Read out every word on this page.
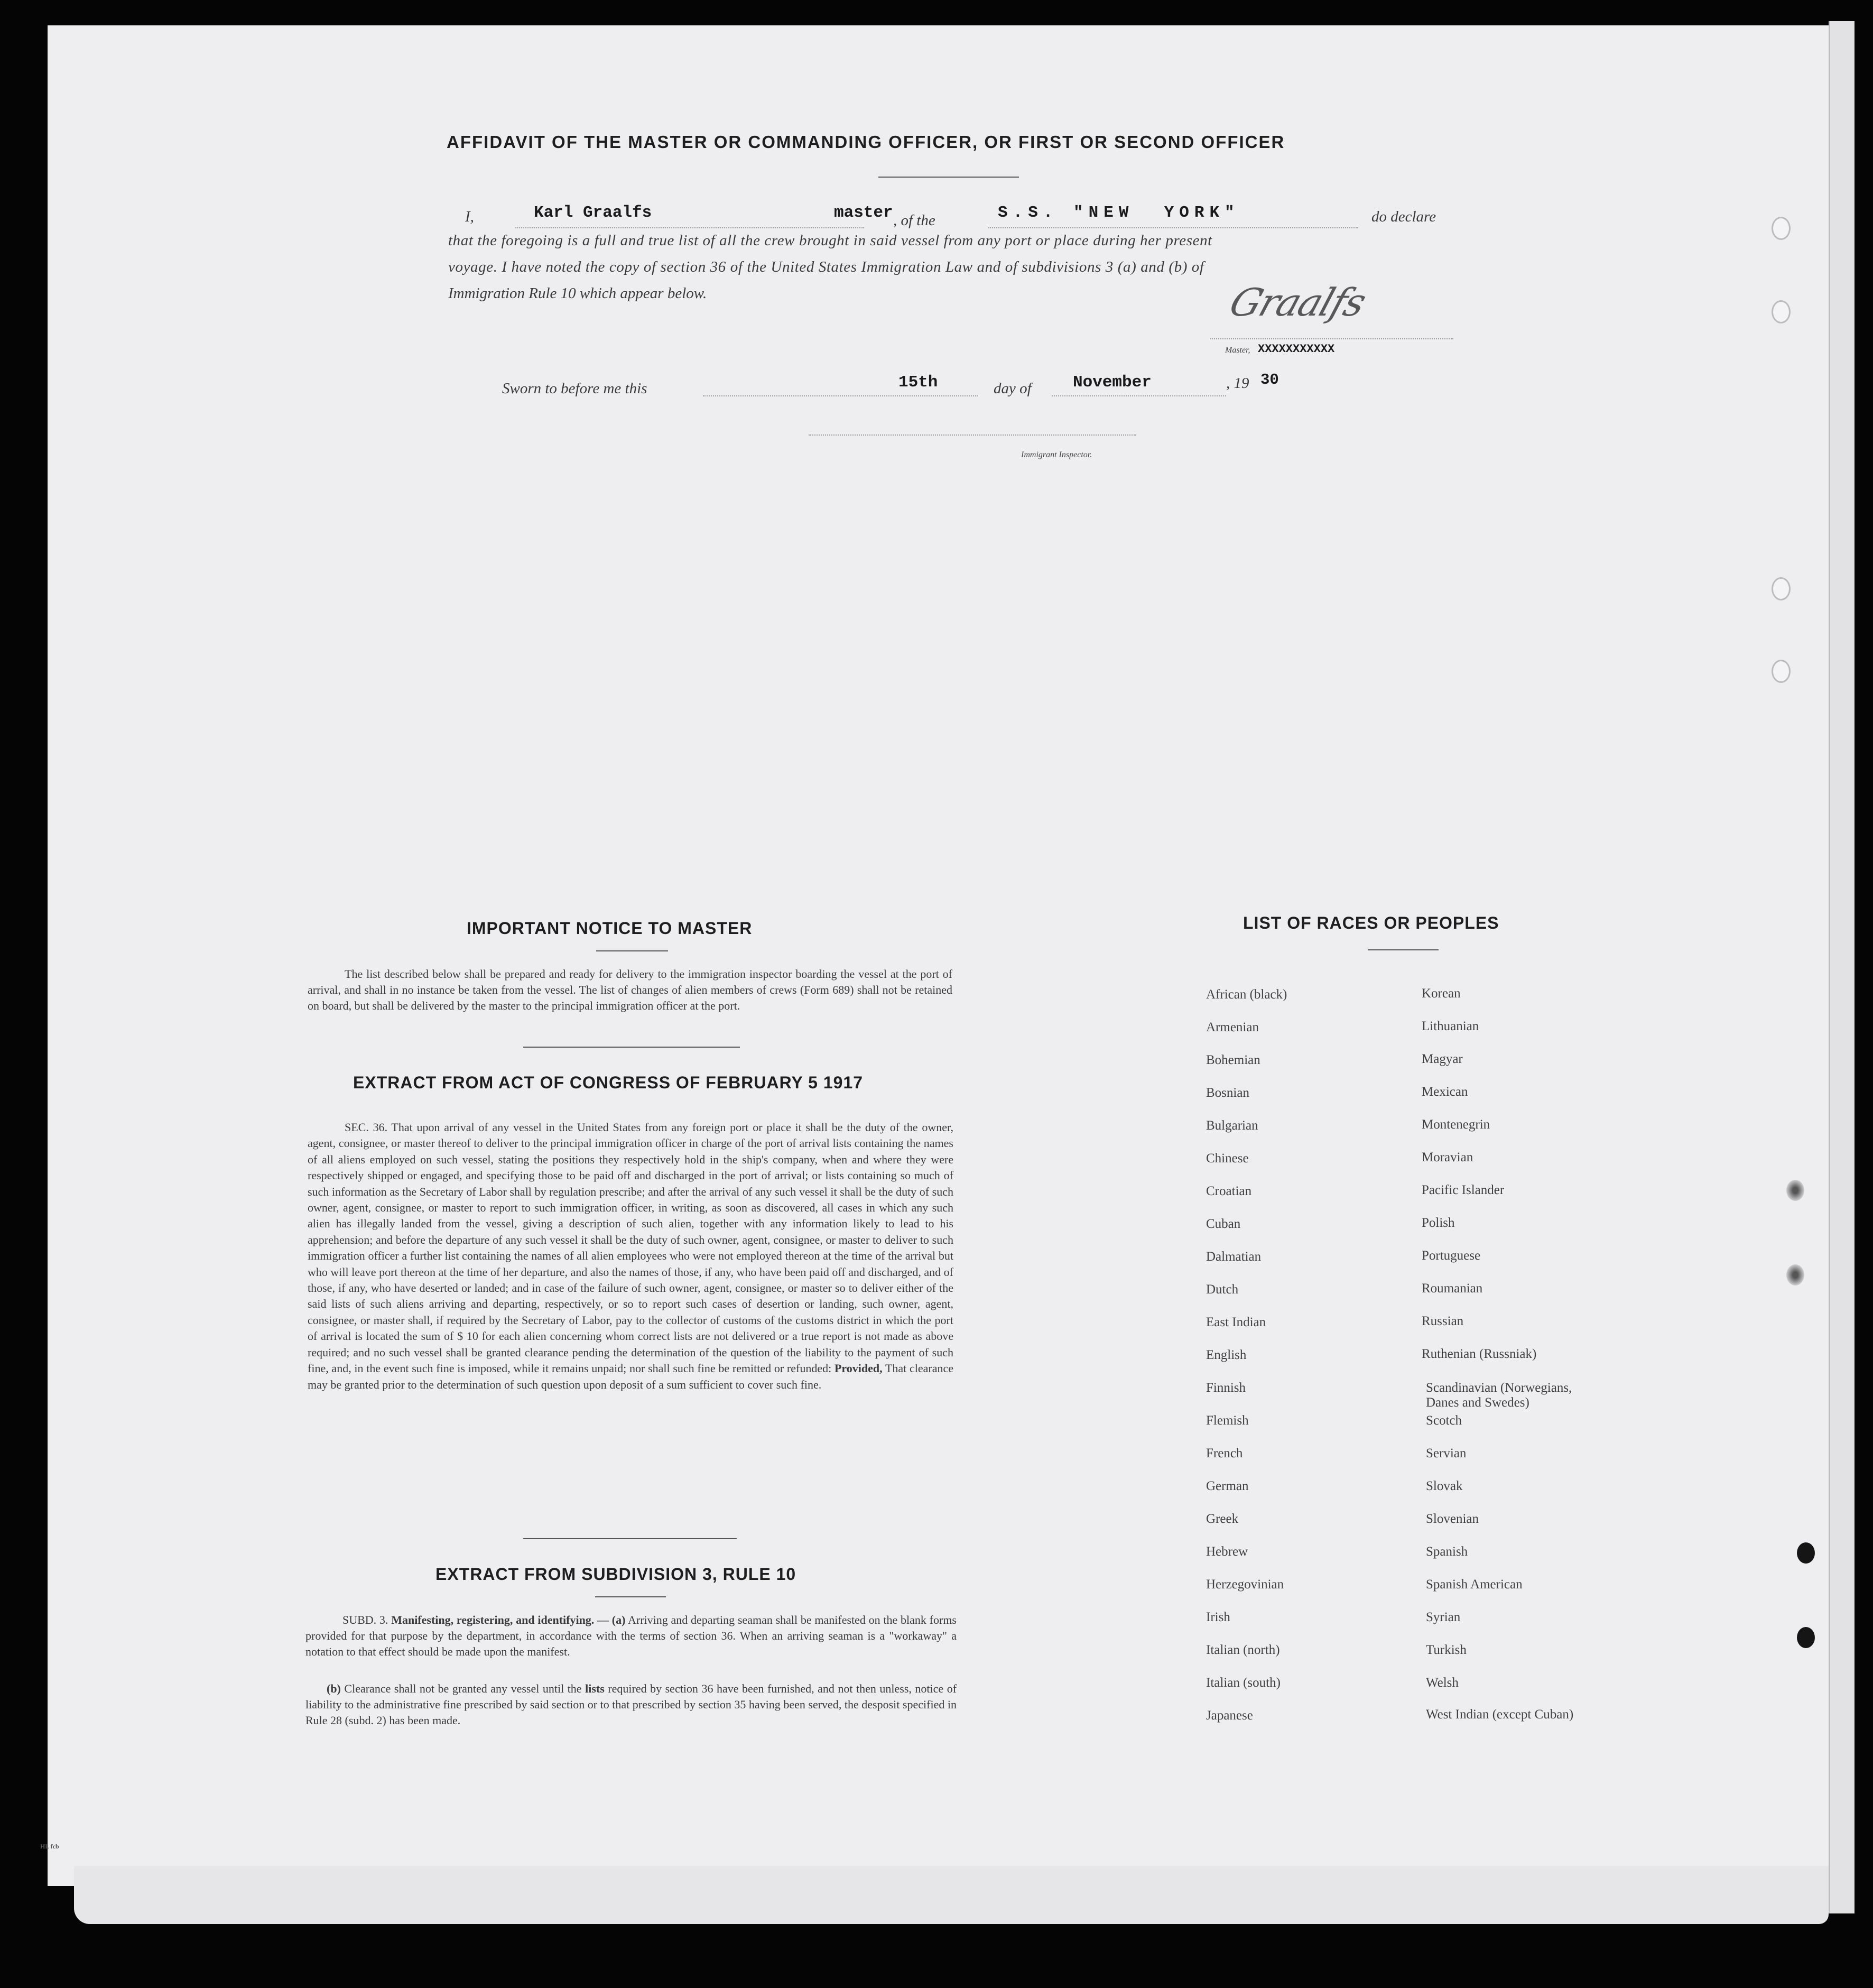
AFFIDAVIT OF THE MASTER OR COMMANDING OFFICER, OR FIRST OR SECOND OFFICER
I,	Karl Graalfs	master , of the	S.S. "NEW  YORK"	do declare
that the foregoing is a full and true list of all the crew brought in said vessel from any port or place during her present
voyage. I have noted the copy of section 36 of the United States Immigration Law and of subdivisions 3 (a) and (b) of
Immigration Rule 10 which appear below.	Graalfs
Master, XXXXXXXXXXX
Sworn to before me this	15th	day of	November	, 19 30
Immigrant Inspector.
IMPORTANT NOTICE TO MASTER
The list described below shall be prepared and ready for delivery to the immigration inspector boarding the vessel at the port of arrival, and shall in no instance be taken from the vessel. The list of changes of alien members of crews (Form 689) shall not be retained on board, but shall be delivered by the master to the principal immigration officer at the port.
EXTRACT FROM ACT OF CONGRESS OF FEBRUARY 5 1917
SEC. 36. That upon arrival of any vessel in the United States from any foreign port or place it shall be the duty of the owner, agent, consignee, or master thereof to deliver to the principal immigration officer in charge of the port of arrival lists containing the names of all aliens employed on such vessel, stating the positions they respectively hold in the ship's company, when and where they were respectively shipped or engaged, and specifying those to be paid off and discharged in the port of arrival; or lists containing so much of such information as the Secretary of Labor shall by regulation prescribe; and after the arrival of any such vessel it shall be the duty of such owner, agent, consignee, or master to report to such immigration officer, in writing, as soon as discovered, all cases in which any such alien has illegally landed from the vessel, giving a description of such alien, together with any information likely to lead to his apprehension; and before the departure of any such vessel it shall be the duty of such owner, agent, consignee, or master to deliver to such immigration officer a further list containing the names of all alien employees who were not employed thereon at the time of the arrival but who will leave port thereon at the time of her departure, and also the names of those, if any, who have been paid off and discharged, and of those, if any, who have deserted or landed; and in case of the failure of such owner, agent, consignee, or master so to deliver either of the said lists of such aliens arriving and departing, respectively, or so to report such cases of desertion or landing, such owner, agent, consignee, or master shall, if required by the Secretary of Labor, pay to the collector of customs of the customs district in which the port of arrival is located the sum of $ 10 for each alien concerning whom correct lists are not delivered or a true report is not made as above required; and no such vessel shall be granted clearance pending the determination of the question of the liability to the payment of such fine, and, in the event such fine is imposed, while it remains unpaid; nor shall such fine be remitted or refunded: Provided, That clearance may be granted prior to the determination of such question upon deposit of a sum sufficient to cover such fine.
EXTRACT FROM SUBDIVISION 3, RULE 10
SUBD. 3. Manifesting, registering, and identifying. — (a) Arriving and departing seaman shall be manifested on the blank forms provided for that purpose by the department, in accordance with the terms of section 36. When an arriving seaman is a "workaway" a notation to that effect should be made upon the manifest.
(b) Clearance shall not be granted any vessel until the lists required by section 36 have been furnished, and not then unless, notice of liability to the administrative fine prescribed by said section or to that prescribed by section 35 having been served, the desposit specified in Rule 28 (subd. 2) has been made.
LIST OF RACES OR PEOPLES
African (black)
Armenian
Bohemian
Bosnian
Bulgarian
Chinese
Croatian
Cuban
Dalmatian
Dutch
East Indian
English
Finnish
Flemish
French
German
Greek
Hebrew
Herzegovinian
Irish
Italian (north)
Italian (south)
Japanese
Korean
Lithuanian
Magyar
Mexican
Montenegrin
Moravian
Pacific Islander
Polish
Portuguese
Roumanian
Russian
Ruthenian (Russniak)
Scandinavian (Norwegians, Danes and Swedes)
Scotch
Servian
Slovak
Slovenian
Spanish
Spanish American
Syrian
Turkish
Welsh
West Indian (except Cuban)
HL fcb
